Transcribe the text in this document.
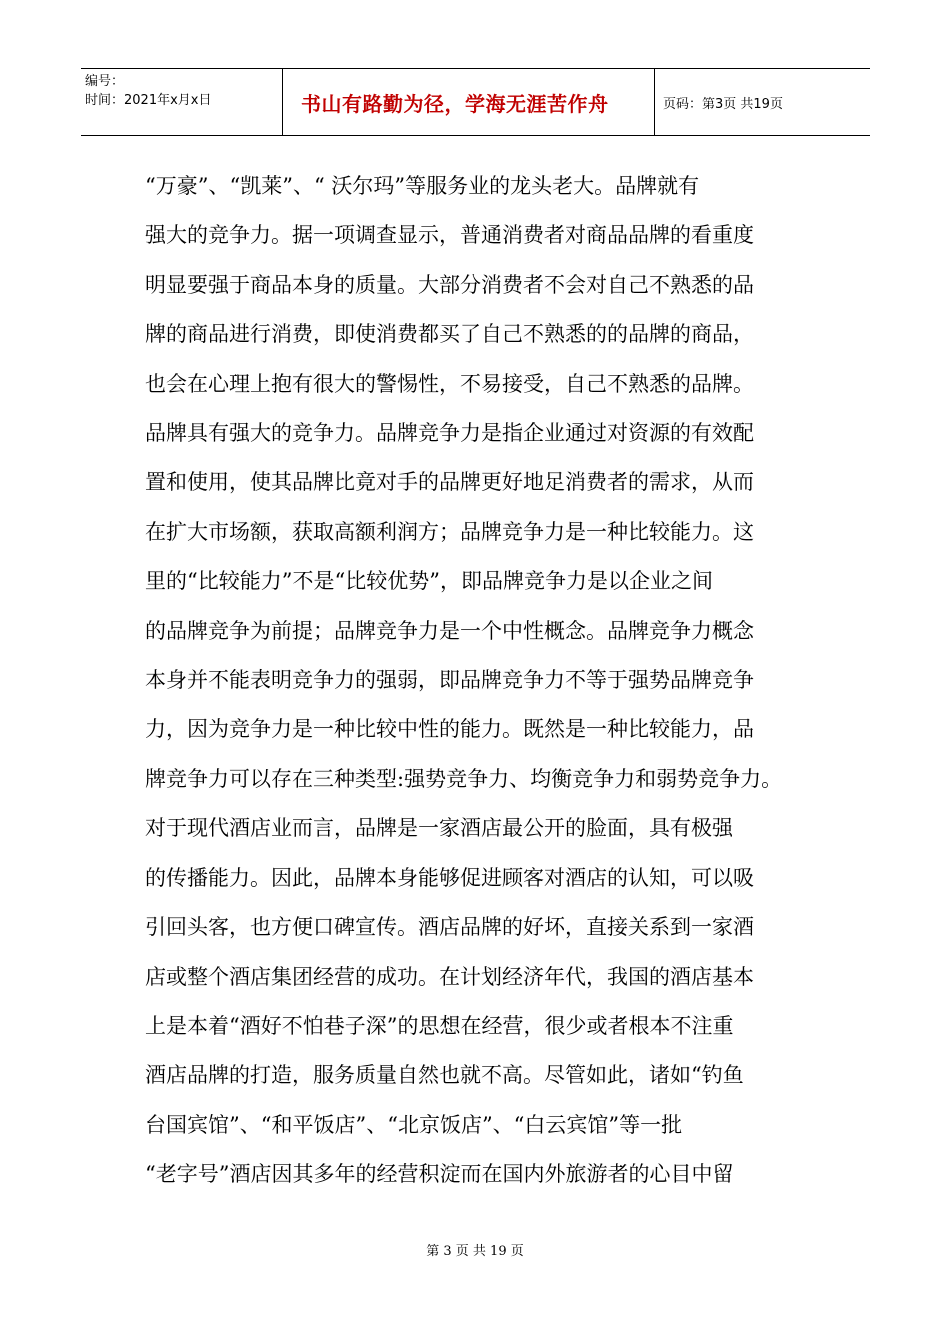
编号：
时间：2021年x月x日	书山有路勤为径，学海无涯苦作舟	页码：第3页 共19页

“万豪”、“凯莱”、“ 沃尔玛”等服务业的龙头老大。品牌就有

强大的竞争力。据一项调查显示，普通消费者对商品品牌的看重度

明显要强于商品本身的质量。大部分消费者不会对自己不熟悉的品

牌的商品进行消费，即使消费都买了自己不熟悉的的品牌的商品，

也会在心理上抱有很大的警惕性，不易接受，自己不熟悉的品牌。

品牌具有强大的竞争力。品牌竞争力是指企业通过对资源的有效配

置和使用，使其品牌比竟对手的品牌更好地足消费者的需求，从而

在扩大市场额，获取高额利润方；品牌竞争力是一种比较能力。这

里的“比较能力”不是“比较优势”，即品牌竞争力是以企业之间

的品牌竞争为前提；品牌竞争力是一个中性概念。品牌竞争力概念

本身并不能表明竞争力的强弱，即品牌竞争力不等于强势品牌竞争

力，因为竞争力是一种比较中性的能力。既然是一种比较能力，品

牌竞争力可以存在三种类型:强势竞争力、均衡竞争力和弱势竞争力。

对于现代酒店业而言，品牌是一家酒店最公开的脸面，具有极强

的传播能力。因此，品牌本身能够促进顾客对酒店的认知，可以吸

引回头客，也方便口碑宣传。酒店品牌的好坏，直接关系到一家酒

店或整个酒店集团经营的成功。在计划经济年代，我国的酒店基本

上是本着“酒好不怕巷子深”的思想在经营，很少或者根本不注重

酒店品牌的打造，服务质量自然也就不高。尽管如此，诸如“钓鱼

台国宾馆”、“和平饭店”、“北京饭店”、“白云宾馆”等一批

“老字号”酒店因其多年的经营积淀而在国内外旅游者的心目中留

第 3 页 共 19 页
